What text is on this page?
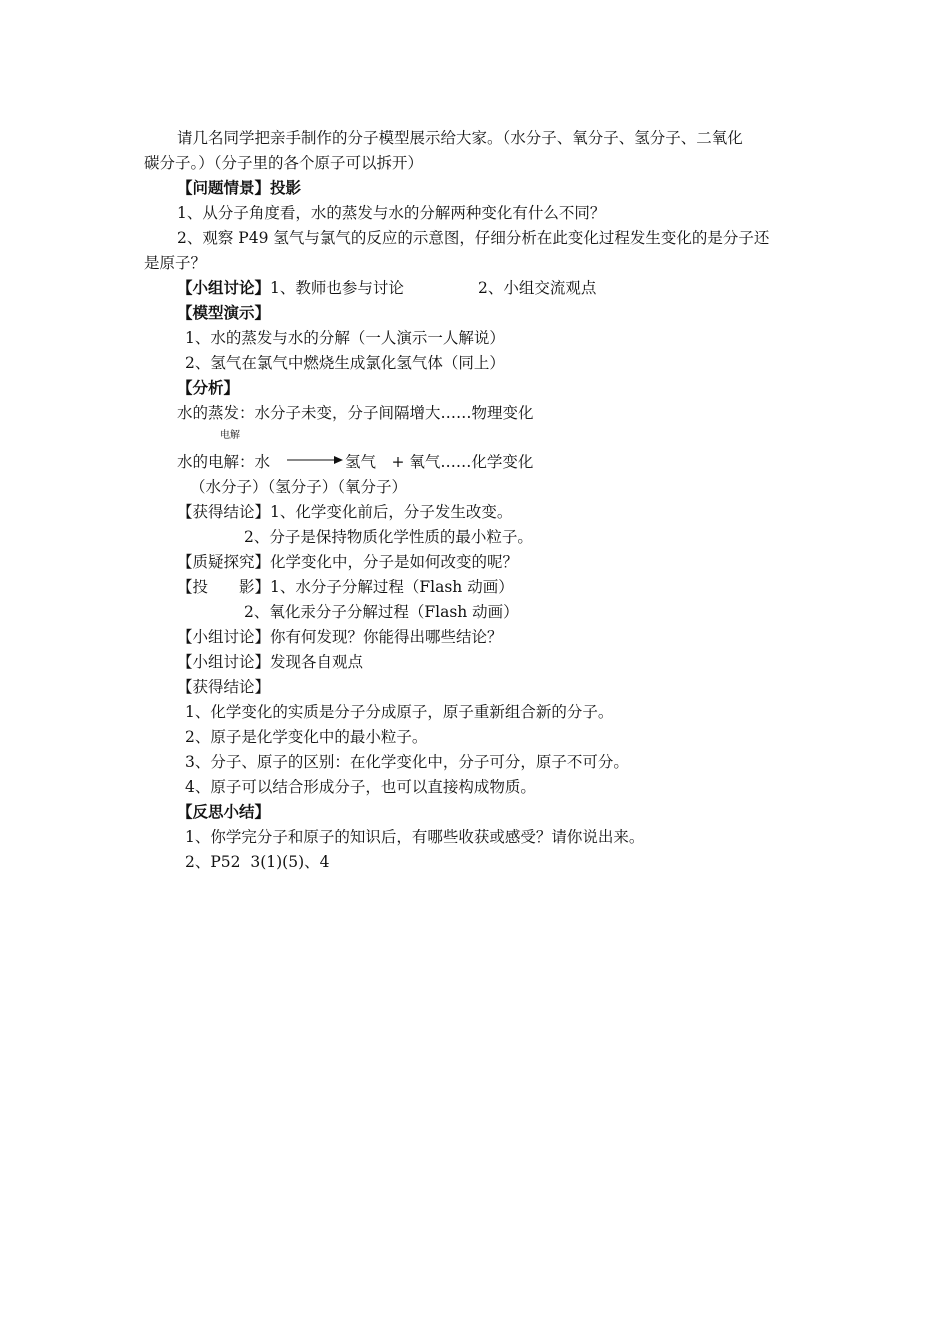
请几名同学把亲手制作的分子模型展示给大家。（水分子、氧分子、氢分子、二氧化
碳分子。）（分子里的各个原子可以拆开）
【问题情景】投影
1、从分子角度看，水的蒸发与水的分解两种变化有什么不同？
2、观察 P49 氢气与氯气的反应的示意图，仔细分析在此变化过程发生变化的是分子还
是原子？
【小组讨论】1、教师也参与讨论	2、小组交流观点
【模型演示】
1、水的蒸发与水的分解（一人演示一人解说）
2、氢气在氯气中燃烧生成氯化氢气体（同上）
【分析】
水的蒸发：水分子未变，分子间隔增大……物理变化
电解
水的电解：水 → 氢气　+ 氧气……化学变化
（水分子）（氢分子）（氧分子）
【获得结论】1、化学变化前后，分子发生改变。
2、分子是保持物质化学性质的最小粒子。
【质疑探究】化学变化中，分子是如何改变的呢？
【投　　影】1、水分子分解过程（Flash 动画）
2、氧化汞分子分解过程（Flash 动画）
【小组讨论】你有何发现？你能得出哪些结论？
【小组讨论】发现各自观点
【获得结论】
1、化学变化的实质是分子分成原子，原子重新组合新的分子。
2、原子是化学变化中的最小粒子。
3、分子、原子的区别：在化学变化中，分子可分，原子不可分。
4、原子可以结合形成分子，也可以直接构成物质。
【反思小结】
1、你学完分子和原子的知识后，有哪些收获或感受？请你说出来。
2、P52  3(1)(5)、4
